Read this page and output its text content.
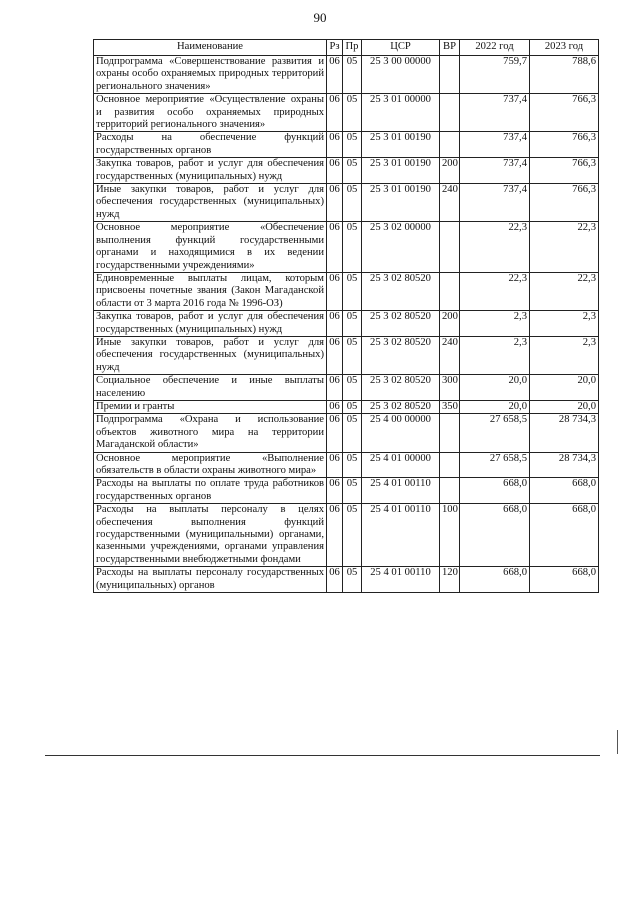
90
Наименование	Рз	Пр	ЦСР	ВР	2022 год	2023 год
Подпрограмма «Совершенствование развития и охраны особо охраняемых природных территорий регионального значения»	06	05	25 3 00 00000		759,7	788,6
Основное мероприятие «Осуществление охраны и развития особо охраняемых природных территорий регионального значения»	06	05	25 3 01 00000		737,4	766,3
Расходы на обеспечение функций государственных органов	06	05	25 3 01 00190		737,4	766,3
Закупка товаров, работ и услуг для обеспечения государственных (муниципальных) нужд	06	05	25 3 01 00190	200	737,4	766,3
Иные закупки товаров, работ и услуг для обеспечения государственных (муниципальных) нужд	06	05	25 3 01 00190	240	737,4	766,3
Основное мероприятие «Обеспечение выполнения функций государственными органами и находящимися в их ведении государственными учреждениями»	06	05	25 3 02 00000		22,3	22,3
Единовременные выплаты лицам, которым присвоены почетные звания (Закон Магаданской области от 3 марта 2016 года № 1996-ОЗ)	06	05	25 3 02 80520		22,3	22,3
Закупка товаров, работ и услуг для обеспечения государственных (муниципальных) нужд	06	05	25 3 02 80520	200	2,3	2,3
Иные закупки товаров, работ и услуг для обеспечения государственных (муниципальных) нужд	06	05	25 3 02 80520	240	2,3	2,3
Социальное обеспечение и иные выплаты населению	06	05	25 3 02 80520	300	20,0	20,0
Премии и гранты	06	05	25 3 02 80520	350	20,0	20,0
Подпрограмма «Охрана и использование объектов животного мира на территории Магаданской области»	06	05	25 4 00 00000		27 658,5	28 734,3
Основное мероприятие «Выполнение обязательств в области охраны животного мира»	06	05	25 4 01 00000		27 658,5	28 734,3
Расходы на выплаты по оплате труда работников государственных органов	06	05	25 4 01 00110		668,0	668,0
Расходы на выплаты персоналу в целях обеспечения выполнения функций государственными (муниципальными) органами, казенными учреждениями, органами управления государственными внебюджетными фондами	06	05	25 4 01 00110	100	668,0	668,0
Расходы на выплаты персоналу государственных (муниципальных) органов	06	05	25 4 01 00110	120	668,0	668,0
